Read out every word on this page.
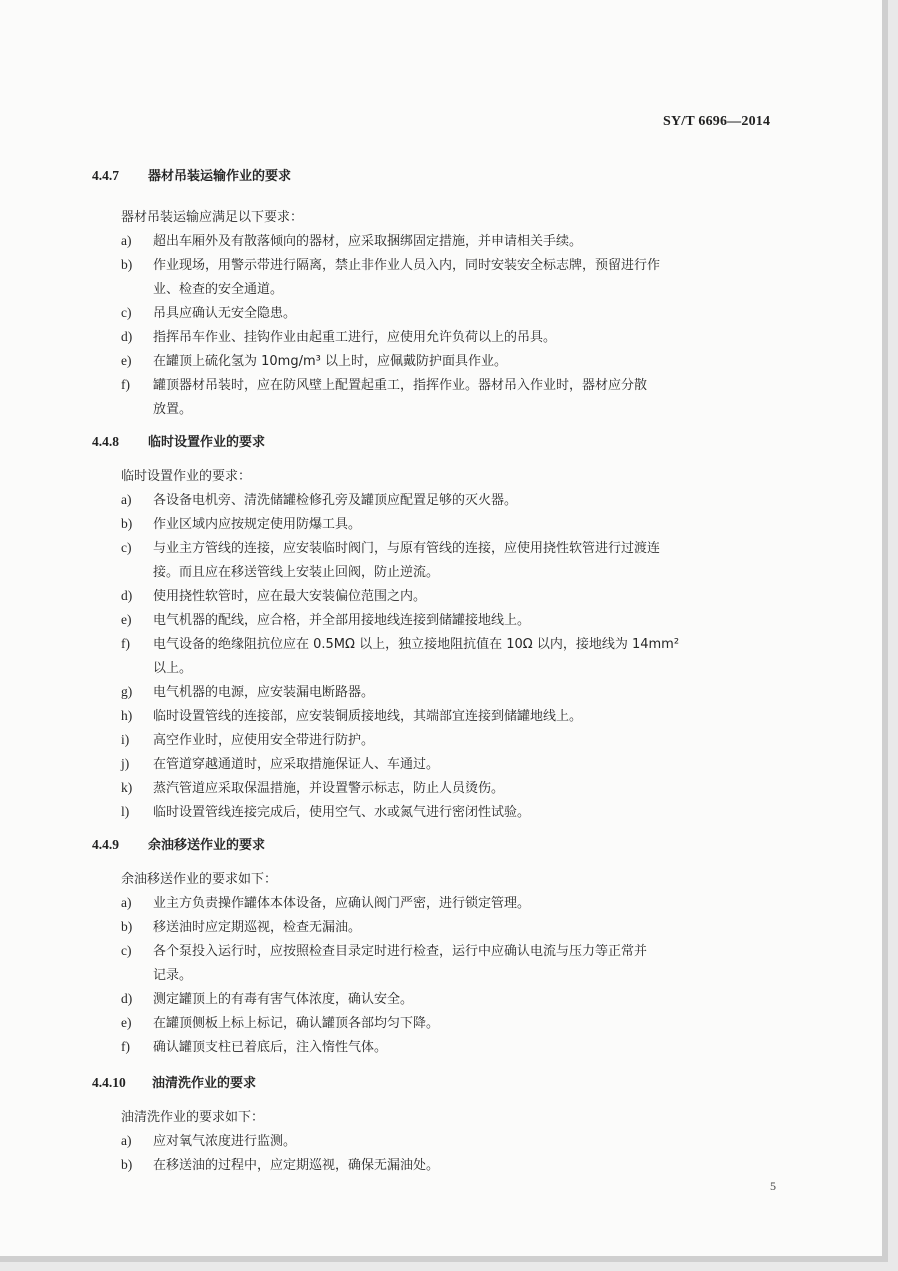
SY/T 6696—2014
4.4.7 器材吊装运输作业的要求
器材吊装运输应满足以下要求：
a) 超出车厢外及有散落倾向的器材，应采取捆绑固定措施，并申请相关手续。
b) 作业现场，用警示带进行隔离，禁止非作业人员入内，同时安装安全标志牌，预留进行作
业、检查的安全通道。
c) 吊具应确认无安全隐患。
d) 指挥吊车作业、挂钩作业由起重工进行，应使用允许负荷以上的吊具。
e) 在罐顶上硫化氢为 10mg/m³ 以上时，应佩戴防护面具作业。
f) 罐顶器材吊装时，应在防风壁上配置起重工，指挥作业。器材吊入作业时，器材应分散
放置。
4.4.8 临时设置作业的要求
临时设置作业的要求：
a) 各设备电机旁、清洗储罐检修孔旁及罐顶应配置足够的灭火器。
b) 作业区域内应按规定使用防爆工具。
c) 与业主方管线的连接，应安装临时阀门，与原有管线的连接，应使用挠性软管进行过渡连
接。而且应在移送管线上安装止回阀，防止逆流。
d) 使用挠性软管时，应在最大安装偏位范围之内。
e) 电气机器的配线，应合格，并全部用接地线连接到储罐接地线上。
f) 电气设备的绝缘阻抗位应在 0.5MΩ 以上，独立接地阻抗值在 10Ω 以内，接地线为 14mm²
以上。
g) 电气机器的电源，应安装漏电断路器。
h) 临时设置管线的连接部，应安装铜质接地线，其端部宜连接到储罐地线上。
i) 高空作业时，应使用安全带进行防护。
j) 在管道穿越通道时，应采取措施保证人、车通过。
k) 蒸汽管道应采取保温措施，并设置警示标志，防止人员烫伤。
l) 临时设置管线连接完成后，使用空气、水或氮气进行密闭性试验。
4.4.9 余油移送作业的要求
余油移送作业的要求如下：
a) 业主方负责操作罐体本体设备，应确认阀门严密，进行锁定管理。
b) 移送油时应定期巡视，检查无漏油。
c) 各个泵投入运行时，应按照检查目录定时进行检查，运行中应确认电流与压力等正常并
记录。
d) 测定罐顶上的有毒有害气体浓度，确认安全。
e) 在罐顶侧板上标上标记，确认罐顶各部均匀下降。
f) 确认罐顶支柱已着底后，注入惰性气体。
4.4.10 油清洗作业的要求
油清洗作业的要求如下：
a) 应对氧气浓度进行监测。
b) 在移送油的过程中，应定期巡视，确保无漏油处。
5
